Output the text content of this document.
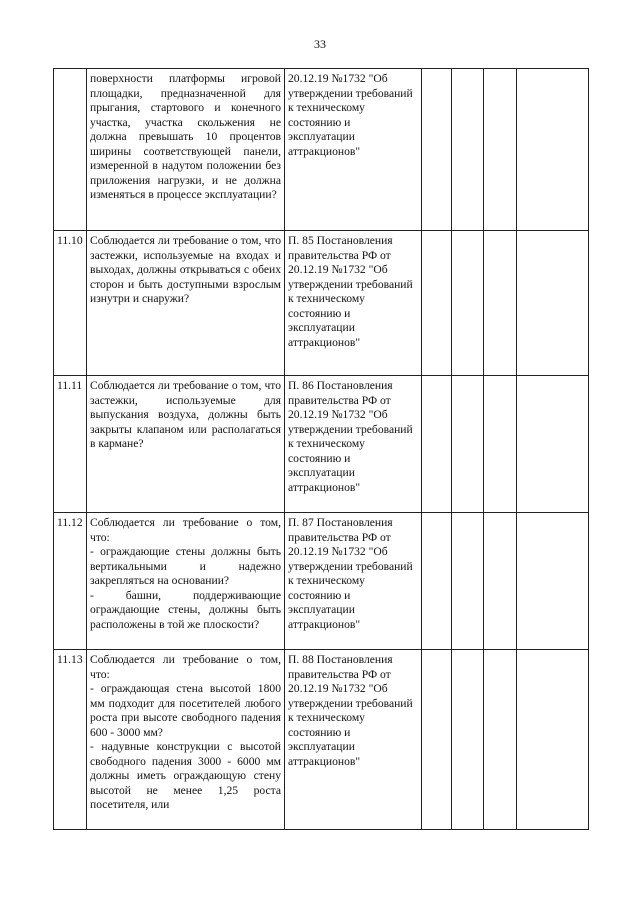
33

	поверхности платформы игровой площадки, предназначенной для прыгания, стартового и конечного участка, участка скольжения не должна превышать 10 процентов ширины соответствующей панели, измеренной в надутом положении без приложения нагрузки, и не должна изменяться в процессе эксплуатации?	20.12.19 №1732 "Об утверждении требований к техническому состоянию и эксплуатации аттракционов"				
11.10	Соблюдается ли требование о том, что застежки, используемые на входах и выходах, должны открываться с обеих сторон и быть доступными взрослым изнутри и снаружи?	П. 85 Постановления правительства РФ от 20.12.19 №1732 "Об утверждении требований к техническому состоянию и эксплуатации аттракционов"				
11.11	Соблюдается ли требование о том, что застежки, используемые для выпускания воздуха, должны быть закрыты клапаном или располагаться в кармане?	П. 86 Постановления правительства РФ от 20.12.19 №1732 "Об утверждении требований к техническому состоянию и эксплуатации аттракционов"				
11.12	Соблюдается ли требование о том, что:

- ограждающие стены должны быть вертикальными и надежно закрепляться на основании?

- башни, поддерживающие ограждающие стены, должны быть расположены в той же плоскости?	П. 87 Постановления правительства РФ от 20.12.19 №1732 "Об утверждении требований к техническому состоянию и эксплуатации аттракционов"				
11.13	Соблюдается ли требование о том, что:

- ограждающая стена высотой 1800 мм подходит для посетителей любого роста при высоте свободного падения 600 - 3000 мм?

- надувные конструкции с высотой свободного падения 3000 - 6000 мм должны иметь ограждающую стену высотой не менее 1,25 роста посетителя, или	П. 88 Постановления правительства РФ от 20.12.19 №1732 "Об утверждении требований к техническому состоянию и эксплуатации аттракционов"				
